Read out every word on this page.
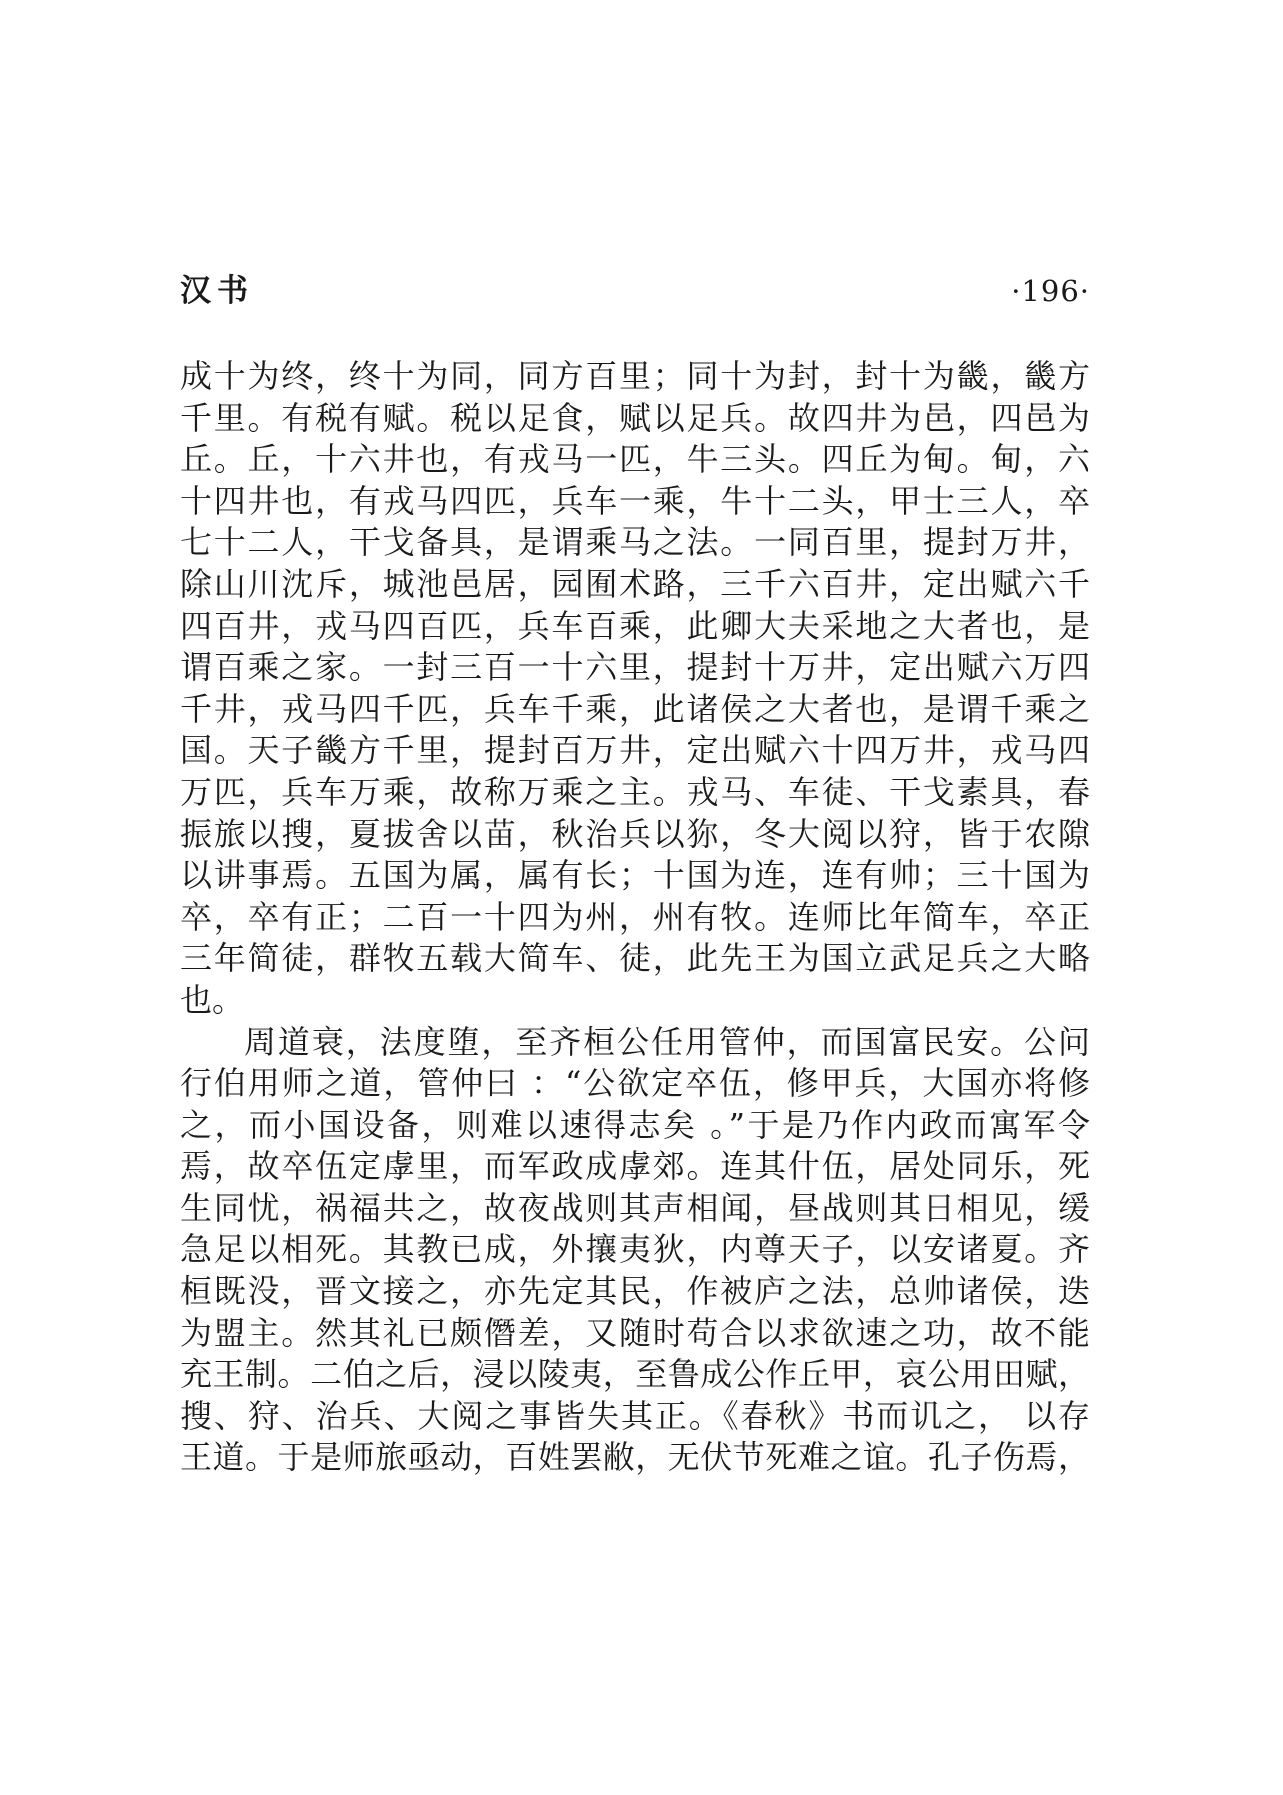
汉书	·196·
成十为终，终十为同，同方百里；同十为封，封十为畿，畿方
千里。有税有赋。税以足食，赋以足兵。故四井为邑，四邑为
丘。丘，十六井也，有戎马一匹，牛三头。四丘为甸。甸，六
十四井也，有戎马四匹，兵车一乘，牛十二头，甲士三人，卒
七十二人，干戈备具，是谓乘马之法。一同百里，提封万井，
除山川沈斥，城池邑居，园囿术路，三千六百井，定出赋六千
四百井，戎马四百匹，兵车百乘，此卿大夫采地之大者也，是
谓百乘之家。一封三百一十六里，提封十万井，定出赋六万四
千井，戎马四千匹，兵车千乘，此诸侯之大者也，是谓千乘之
国。天子畿方千里，提封百万井，定出赋六十四万井，戎马四
万匹，兵车万乘，故称万乘之主。戎马、车徒、干戈素具，春
振旅以搜，夏拔舍以苗，秋治兵以狝，冬大阅以狩，皆于农隙
以讲事焉。五国为属，属有长；十国为连，连有帅；三十国为
卒，卒有正；二百一十四为州，州有牧。连师比年简车，卒正
三年简徒，群牧五载大简车、徒，此先王为国立武足兵之大略
也。
周道衰，法度堕，至齐桓公任用管仲，而国富民安。公问
行伯用师之道，管仲曰 ：“公欲定卒伍，修甲兵，大国亦将修
之，而小国设备，则难以速得志矣 。”于是乃作内政而寓军令
焉，故卒伍定虖里，而军政成虖郊。连其什伍，居处同乐，死
生同忧，祸福共之，故夜战则其声相闻，昼战则其日相见，缓
急足以相死。其教已成，外攘夷狄，内尊天子，以安诸夏。齐
桓既没，晋文接之，亦先定其民，作被庐之法，总帅诸侯，迭
为盟主。然其礼已颇僭差，又随时苟合以求欲速之功，故不能
充王制。二伯之后，浸以陵夷，至鲁成公作丘甲，哀公用田赋，
搜、狩、治兵、大阅之事皆失其正。《春秋》书而讥之， 以存
王道。于是师旅亟动，百姓罢敝，无伏节死难之谊。孔子伤焉，
